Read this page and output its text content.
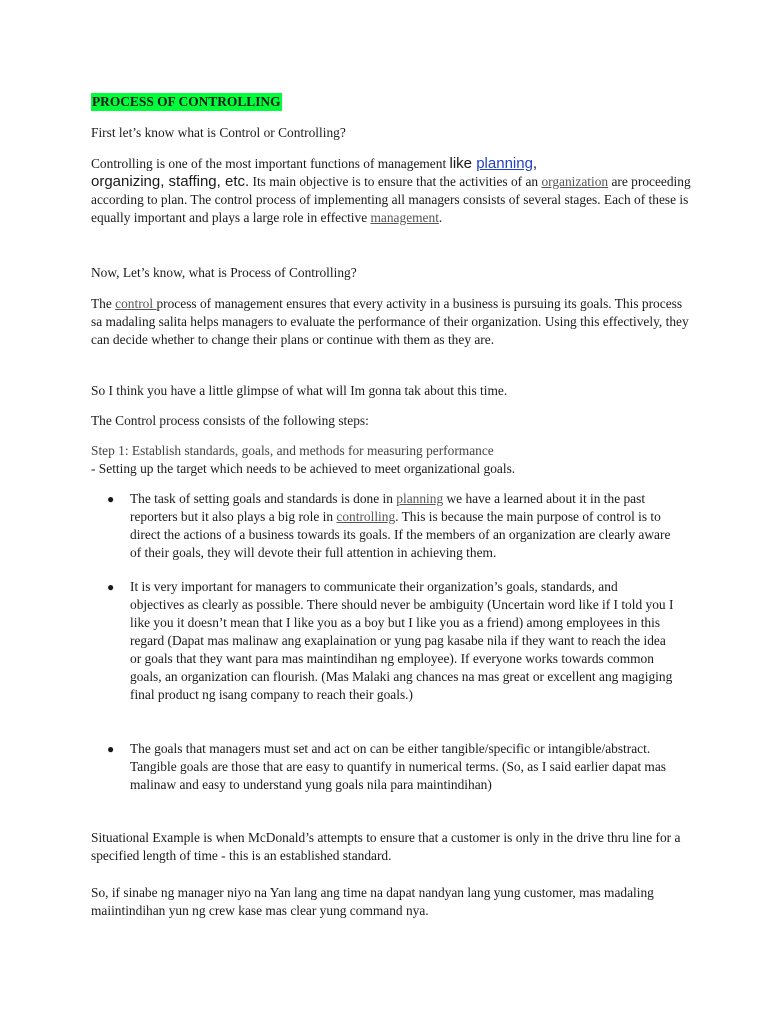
PROCESS OF CONTROLLING

First let’s know what is Control or Controlling?

Controlling is one of the most important functions of management like planning,
organizing, staffing, etc. Its main objective is to ensure that the activities of an organization are proceeding according to plan. The control process of implementing all managers consists of several stages. Each of these is equally important and plays a large role in effective management.

Now, Let’s know, what is Process of Controlling?

The control process of management ensures that every activity in a business is pursuing its goals. This process sa madaling salita helps managers to evaluate the performance of their organization. Using this effectively, they can decide whether to change their plans or continue with them as they are.

So I think you have a little glimpse of what will Im gonna tak about this time.

The Control process consists of the following steps:

Step 1: Establish standards, goals, and methods for measuring performance

- Setting up the target which needs to be achieved to meet organizational goals.

● The task of setting goals and standards is done in planning we have a learned about it in the past reporters but it also plays a big role in controlling. This is because the main purpose of control is to direct the actions of a business towards its goals. If the members of an organization are clearly aware of their goals, they will devote their full attention in achieving them.
● It is very important for managers to communicate their organization’s goals, standards, and objectives as clearly as possible. There should never be ambiguity (Uncertain word like if I told you I like you it doesn’t mean that I like you as a boy but I like you as a friend) among employees in this regard (Dapat mas malinaw ang exaplaination or yung pag kasabe nila if they want to reach the idea or goals that they want para mas maintindihan ng employee). If everyone works towards common goals, an organization can flourish. (Mas Malaki ang chances na mas great or excellent ang magiging final product ng isang company to reach their goals.)
● The goals that managers must set and act on can be either tangible/specific or intangible/abstract. Tangible goals are those that are easy to quantify in numerical terms. (So, as I said earlier dapat mas malinaw and easy to understand yung goals nila para maintindihan)

Situational Example is when McDonald’s attempts to ensure that a customer is only in the drive thru line for a specified length of time - this is an established standard.

So, if sinabe ng manager niyo na Yan lang ang time na dapat nandyan lang yung customer, mas madaling maiintindihan yun ng crew kase mas clear yung command nya.
